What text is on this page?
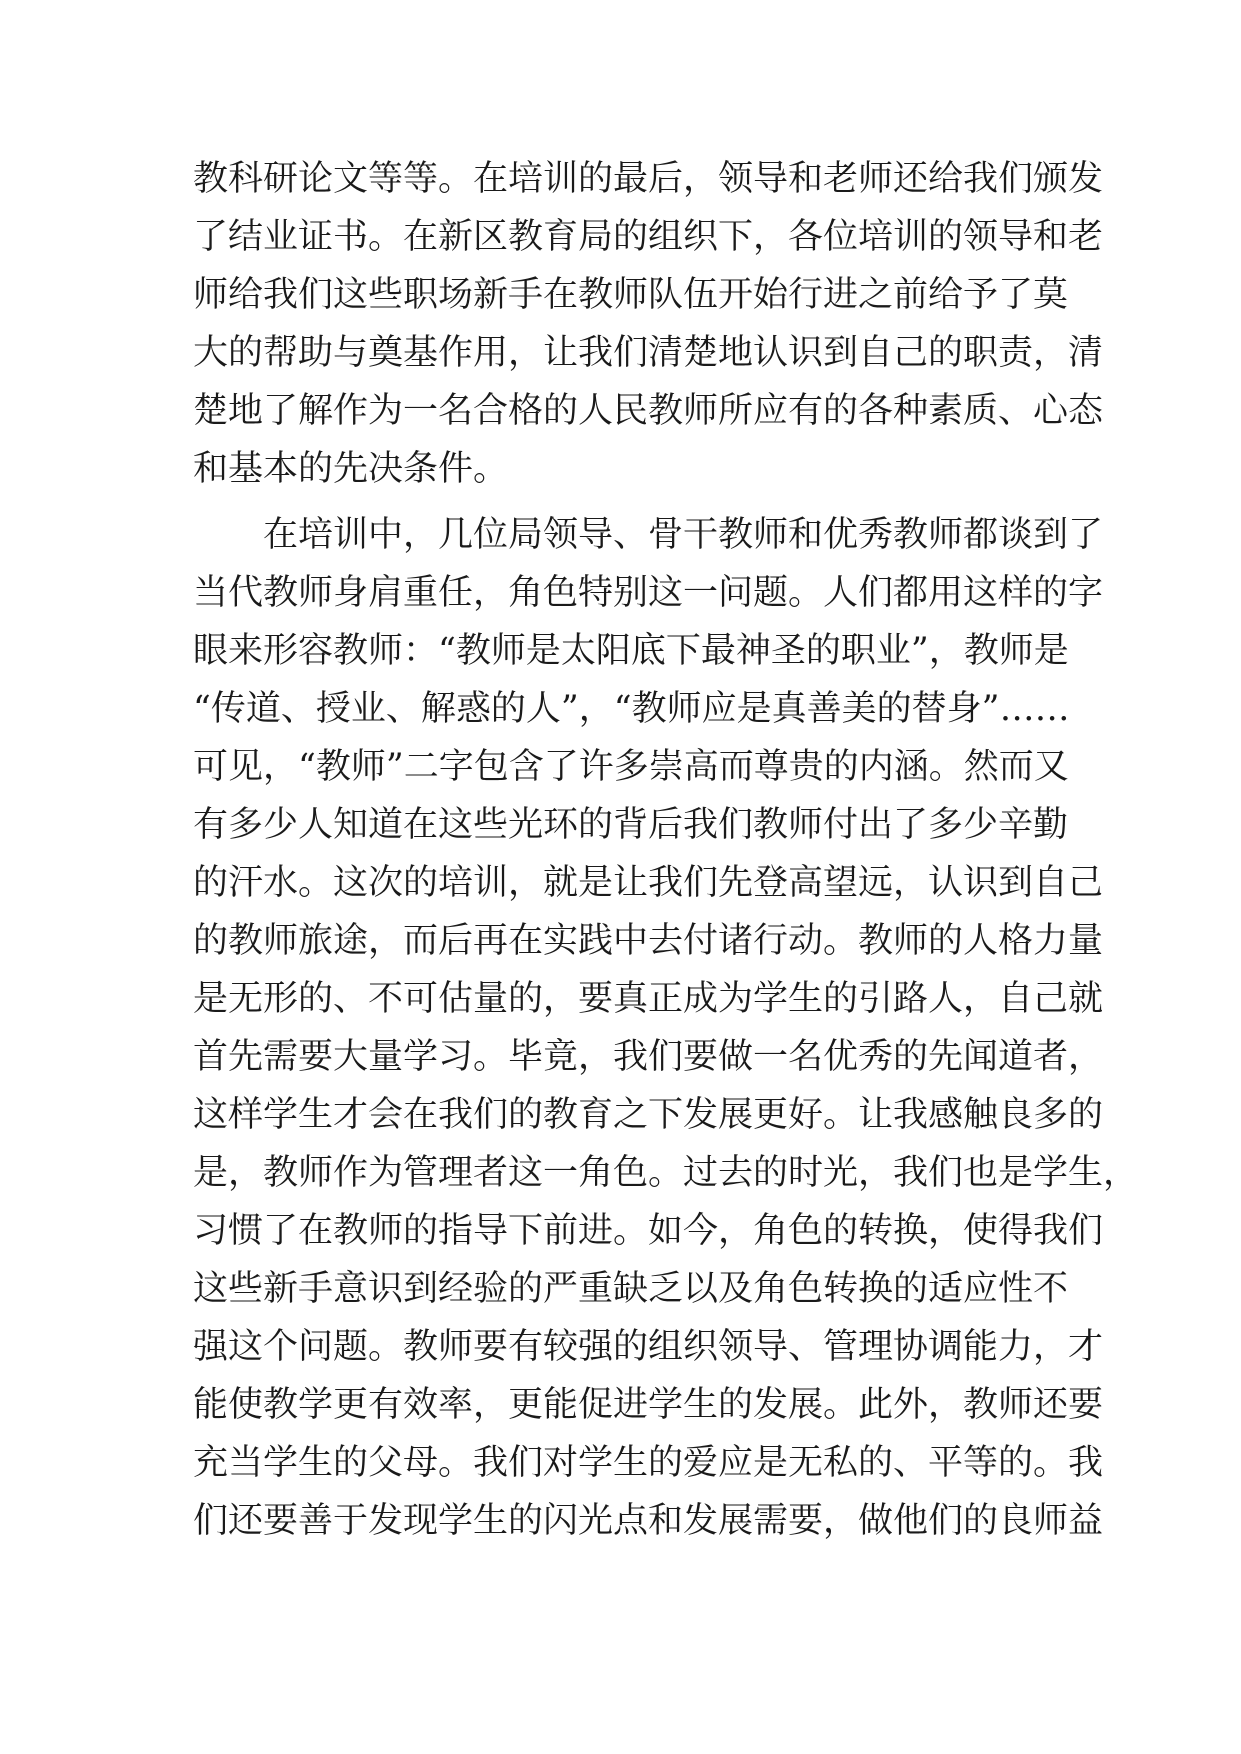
教科研论文等等。在培训的最后，领导和老师还给我们颁发
了结业证书。在新区教育局的组织下，各位培训的领导和老
师给我们这些职场新手在教师队伍开始行进之前给予了莫
大的帮助与奠基作用，让我们清楚地认识到自己的职责，清
楚地了解作为一名合格的人民教师所应有的各种素质、心态
和基本的先决条件。
在培训中，几位局领导、骨干教师和优秀教师都谈到了
当代教师身肩重任，角色特别这一问题。人们都用这样的字
眼来形容教师：“教师是太阳底下最神圣的职业”，教师是
“传道、授业、解惑的人”，“教师应是真善美的替身”……
可见，“教师”二字包含了许多崇高而尊贵的内涵。然而又
有多少人知道在这些光环的背后我们教师付出了多少辛勤
的汗水。这次的培训，就是让我们先登高望远，认识到自己
的教师旅途，而后再在实践中去付诸行动。教师的人格力量
是无形的、不可估量的，要真正成为学生的引路人，自己就
首先需要大量学习。毕竟，我们要做一名优秀的先闻道者，
这样学生才会在我们的教育之下发展更好。让我感触良多的
是，教师作为管理者这一角色。过去的时光，我们也是学生，
习惯了在教师的指导下前进。如今，角色的转换，使得我们
这些新手意识到经验的严重缺乏以及角色转换的适应性不
强这个问题。教师要有较强的组织领导、管理协调能力，才
能使教学更有效率，更能促进学生的发展。此外，教师还要
充当学生的父母。我们对学生的爱应是无私的、平等的。我
们还要善于发现学生的闪光点和发展需要，做他们的良师益
